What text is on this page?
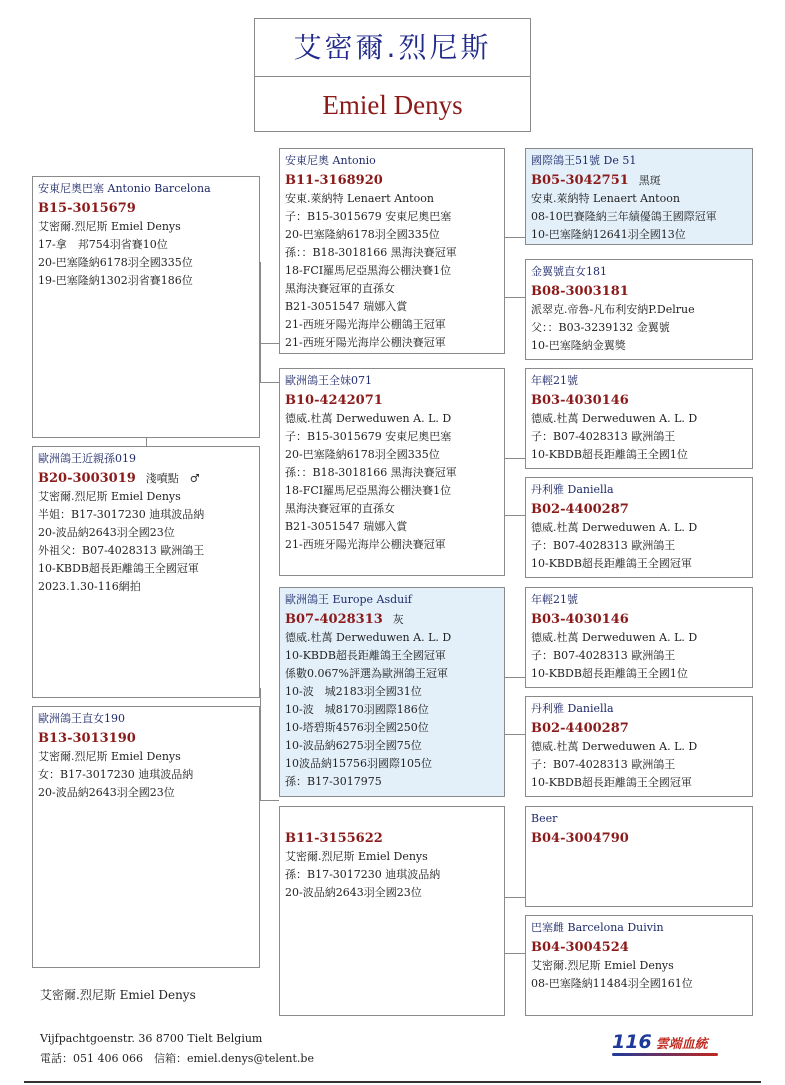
艾密爾.烈尼斯
Emiel Denys
安東尼奧巴塞 Antonio Barcelona
B15-3015679
艾密爾.烈尼斯 Emiel Denys
17-拿　邦754羽省賽10位
20-巴塞隆納6178羽全國335位
19-巴塞隆納1302羽省賽186位
歐洲鴿王近親孫019
B20-3003019 淺噴點　♂
艾密爾.烈尼斯 Emiel Denys
半姐：B17-3017230 迪琪波品納
20-波品納2643羽全國23位
外祖父：B07-4028313 歐洲鴿王
10-KBDB超長距離鴿王全國冠軍
2023.1.30-116網拍
歐洲鴿王直女190
B13-3013190
艾密爾.烈尼斯 Emiel Denys
女：B17-3017230 迪琪波品納
20-波品納2643羽全國23位
安東尼奧 Antonio
B11-3168920
安東.萊納特 Lenaert Antoon
子：B15-3015679 安東尼奧巴塞
20-巴塞隆納6178羽全國335位
孫：：B18-3018166 黑海決賽冠軍
18-FCI羅馬尼亞黑海公棚決賽1位
黑海決賽冠軍的直孫女
B21-3051547 瑞娜入賞
21-西班牙陽光海岸公棚鴿王冠軍
21-西班牙陽光海岸公棚決賽冠軍
歐洲鴿王全妹071
B10-4242071
德威.杜萬 Derweduwen A. L. D
子：B15-3015679 安東尼奧巴塞
20-巴塞隆納6178羽全國335位
孫：：B18-3018166 黑海決賽冠軍
18-FCI羅馬尼亞黑海公棚決賽1位
黑海決賽冠軍的直孫女
B21-3051547 瑞娜入賞
21-西班牙陽光海岸公棚決賽冠軍
歐洲鴿王 Europe Asduif
B07-4028313 灰
德威.杜萬 Derweduwen A. L. D
10-KBDB超長距離鴿王全國冠軍
係數0.067%評選為歐洲鴿王冠軍
10-波　城2183羽全國31位
10-波　城8170羽國際186位
10-塔碧斯4576羽全國250位
10-波品納6275羽全國75位
10波品納15756羽國際105位
孫：B17-3017975

B11-3155622
艾密爾.烈尼斯 Emiel Denys
孫：B17-3017230 迪琪波品納
20-波品納2643羽全國23位
國際鴿王51號 De 51
B05-3042751 黑斑
安東.萊納特 Lenaert Antoon
08-10巴賽隆納三年績優鴿王國際冠軍
10-巴塞隆納12641羽全國13位
金翼號直女181
B08-3003181
派翠克.帝魯-凡布利安納P.Delrue
父：：B03-3239132 金翼號
10-巴塞隆納金翼獎
年輕21號
B03-4030146
德威.杜萬 Derweduwen A. L. D
子：B07-4028313 歐洲鴿王
10-KBDB超長距離鴿王全國1位
丹利雅 Daniella
B02-4400287
德威.杜萬 Derweduwen A. L. D
子：B07-4028313 歐洲鴿王
10-KBDB超長距離鴿王全國冠軍
年輕21號
B03-4030146
德威.杜萬 Derweduwen A. L. D
子：B07-4028313 歐洲鴿王
10-KBDB超長距離鴿王全國1位
丹利雅 Daniella
B02-4400287
德威.杜萬 Derweduwen A. L. D
子：B07-4028313 歐洲鴿王
10-KBDB超長距離鴿王全國冠軍
Beer
B04-3004790
巴塞雌 Barcelona Duivin
B04-3004524
艾密爾.烈尼斯 Emiel Denys
08-巴塞隆納11484羽全國161位
艾密爾.烈尼斯 Emiel Denys
Vijfpachtgoenstr. 36 8700 Tielt Belgium
電話：051 406 066　信箱：emiel.denys@telent.be
116 雲端血統
